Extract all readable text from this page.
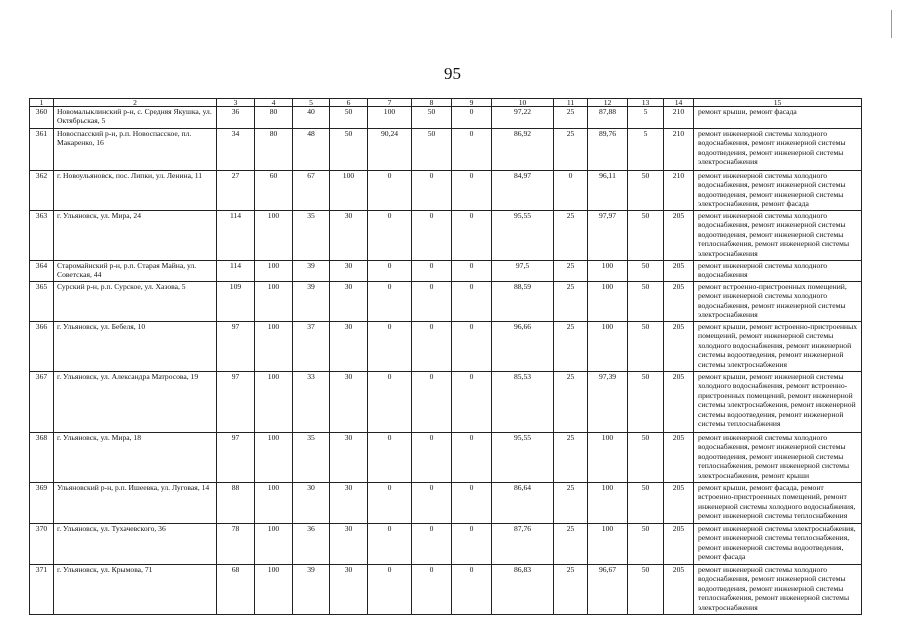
95
1	2	3	4	5	6	7	8	9	10	11	12	13	14	15
360	Новомалыклинский р-н, с. Средняя Якушка, ул. Октябрьская, 5	36	80	40	50	100	50	0	97,22	25	87,88	5	210	ремонт крыши, ремонт фасада
361	Новоспасский р-н, р.п. Новоспасское, пл. Макаренко, 16	34	80	48	50	90,24	50	0	86,92	25	89,76	5	210	ремонт инженерной системы холодного водоснабжения, ремонт инженерной системы водоотведения, ремонт инженерной системы электроснабжения
362	г. Новоульяновск, пос. Липки, ул. Ленина, 11	27	60	67	100	0	0	0	84,97	0	96,11	50	210	ремонт инженерной системы холодного водоснабжения, ремонт инженерной системы водоотведения, ремонт инженерной системы электроснабжения, ремонт фасада
363	г. Ульяновск, ул. Мира, 24	114	100	35	30	0	0	0	95,55	25	97,97	50	205	ремонт инженерной системы холодного водоснабжения, ремонт инженерной системы водоотведения, ремонт инженерной системы теплоснабжения, ремонт инженерной системы электроснабжения
364	Старомайнский р-н, р.п. Старая Майна, ул. Советская, 44	114	100	39	30	0	0	0	97,5	25	100	50	205	ремонт инженерной системы холодного водоснабжения
365	Сурский р-н, р.п. Сурское, ул. Хазова, 5	109	100	39	30	0	0	0	88,59	25	100	50	205	ремонт встроенно-пристроенных помещений, ремонт инженерной системы холодного водоснабжения, ремонт инженерной системы электроснабжения
366	г. Ульяновск, ул. Бебеля, 10	97	100	37	30	0	0	0	96,66	25	100	50	205	ремонт крыши, ремонт встроенно-пристроенных помещений, ремонт инженерной системы холодного водоснабжения, ремонт инженерной системы водоотведения, ремонт инженерной системы электроснабжения
367	г. Ульяновск, ул. Александра Матросова, 19	97	100	33	30	0	0	0	85,53	25	97,39	50	205	ремонт крыши, ремонт инженерной системы холодного водоснабжения, ремонт встроенно-пристроенных помещений, ремонт инженерной системы электроснабжения, ремонт инженерной системы водоотведения, ремонт инженерной системы теплоснабжения
368	г. Ульяновск, ул. Мира, 18	97	100	35	30	0	0	0	95,55	25	100	50	205	ремонт инженерной системы холодного водоснабжения, ремонт инженерной системы водоотведения, ремонт инженерной системы теплоснабжения, ремонт инженерной системы электроснабжения, ремонт крыши
369	Ульяновский р-н, р.п. Ишеевка, ул. Луговая, 14	88	100	30	30	0	0	0	86,64	25	100	50	205	ремонт крыши, ремонт фасада, ремонт встроенно-пристроенных помещений, ремонт инженерной системы холодного водоснабжения, ремонт инженерной системы теплоснабжения
370	г. Ульяновск, ул. Тухачевского, 36	78	100	36	30	0	0	0	87,76	25	100	50	205	ремонт инженерной системы электроснабжения, ремонт инженерной системы теплоснабжения, ремонт инженерной системы водоотведения, ремонт фасада
371	г. Ульяновск, ул. Крымова, 71	68	100	39	30	0	0	0	86,83	25	96,67	50	205	ремонт инженерной системы холодного водоснабжения, ремонт инженерной системы водоотведения, ремонт инженерной системы теплоснабжения, ремонт инженерной системы электроснабжения
